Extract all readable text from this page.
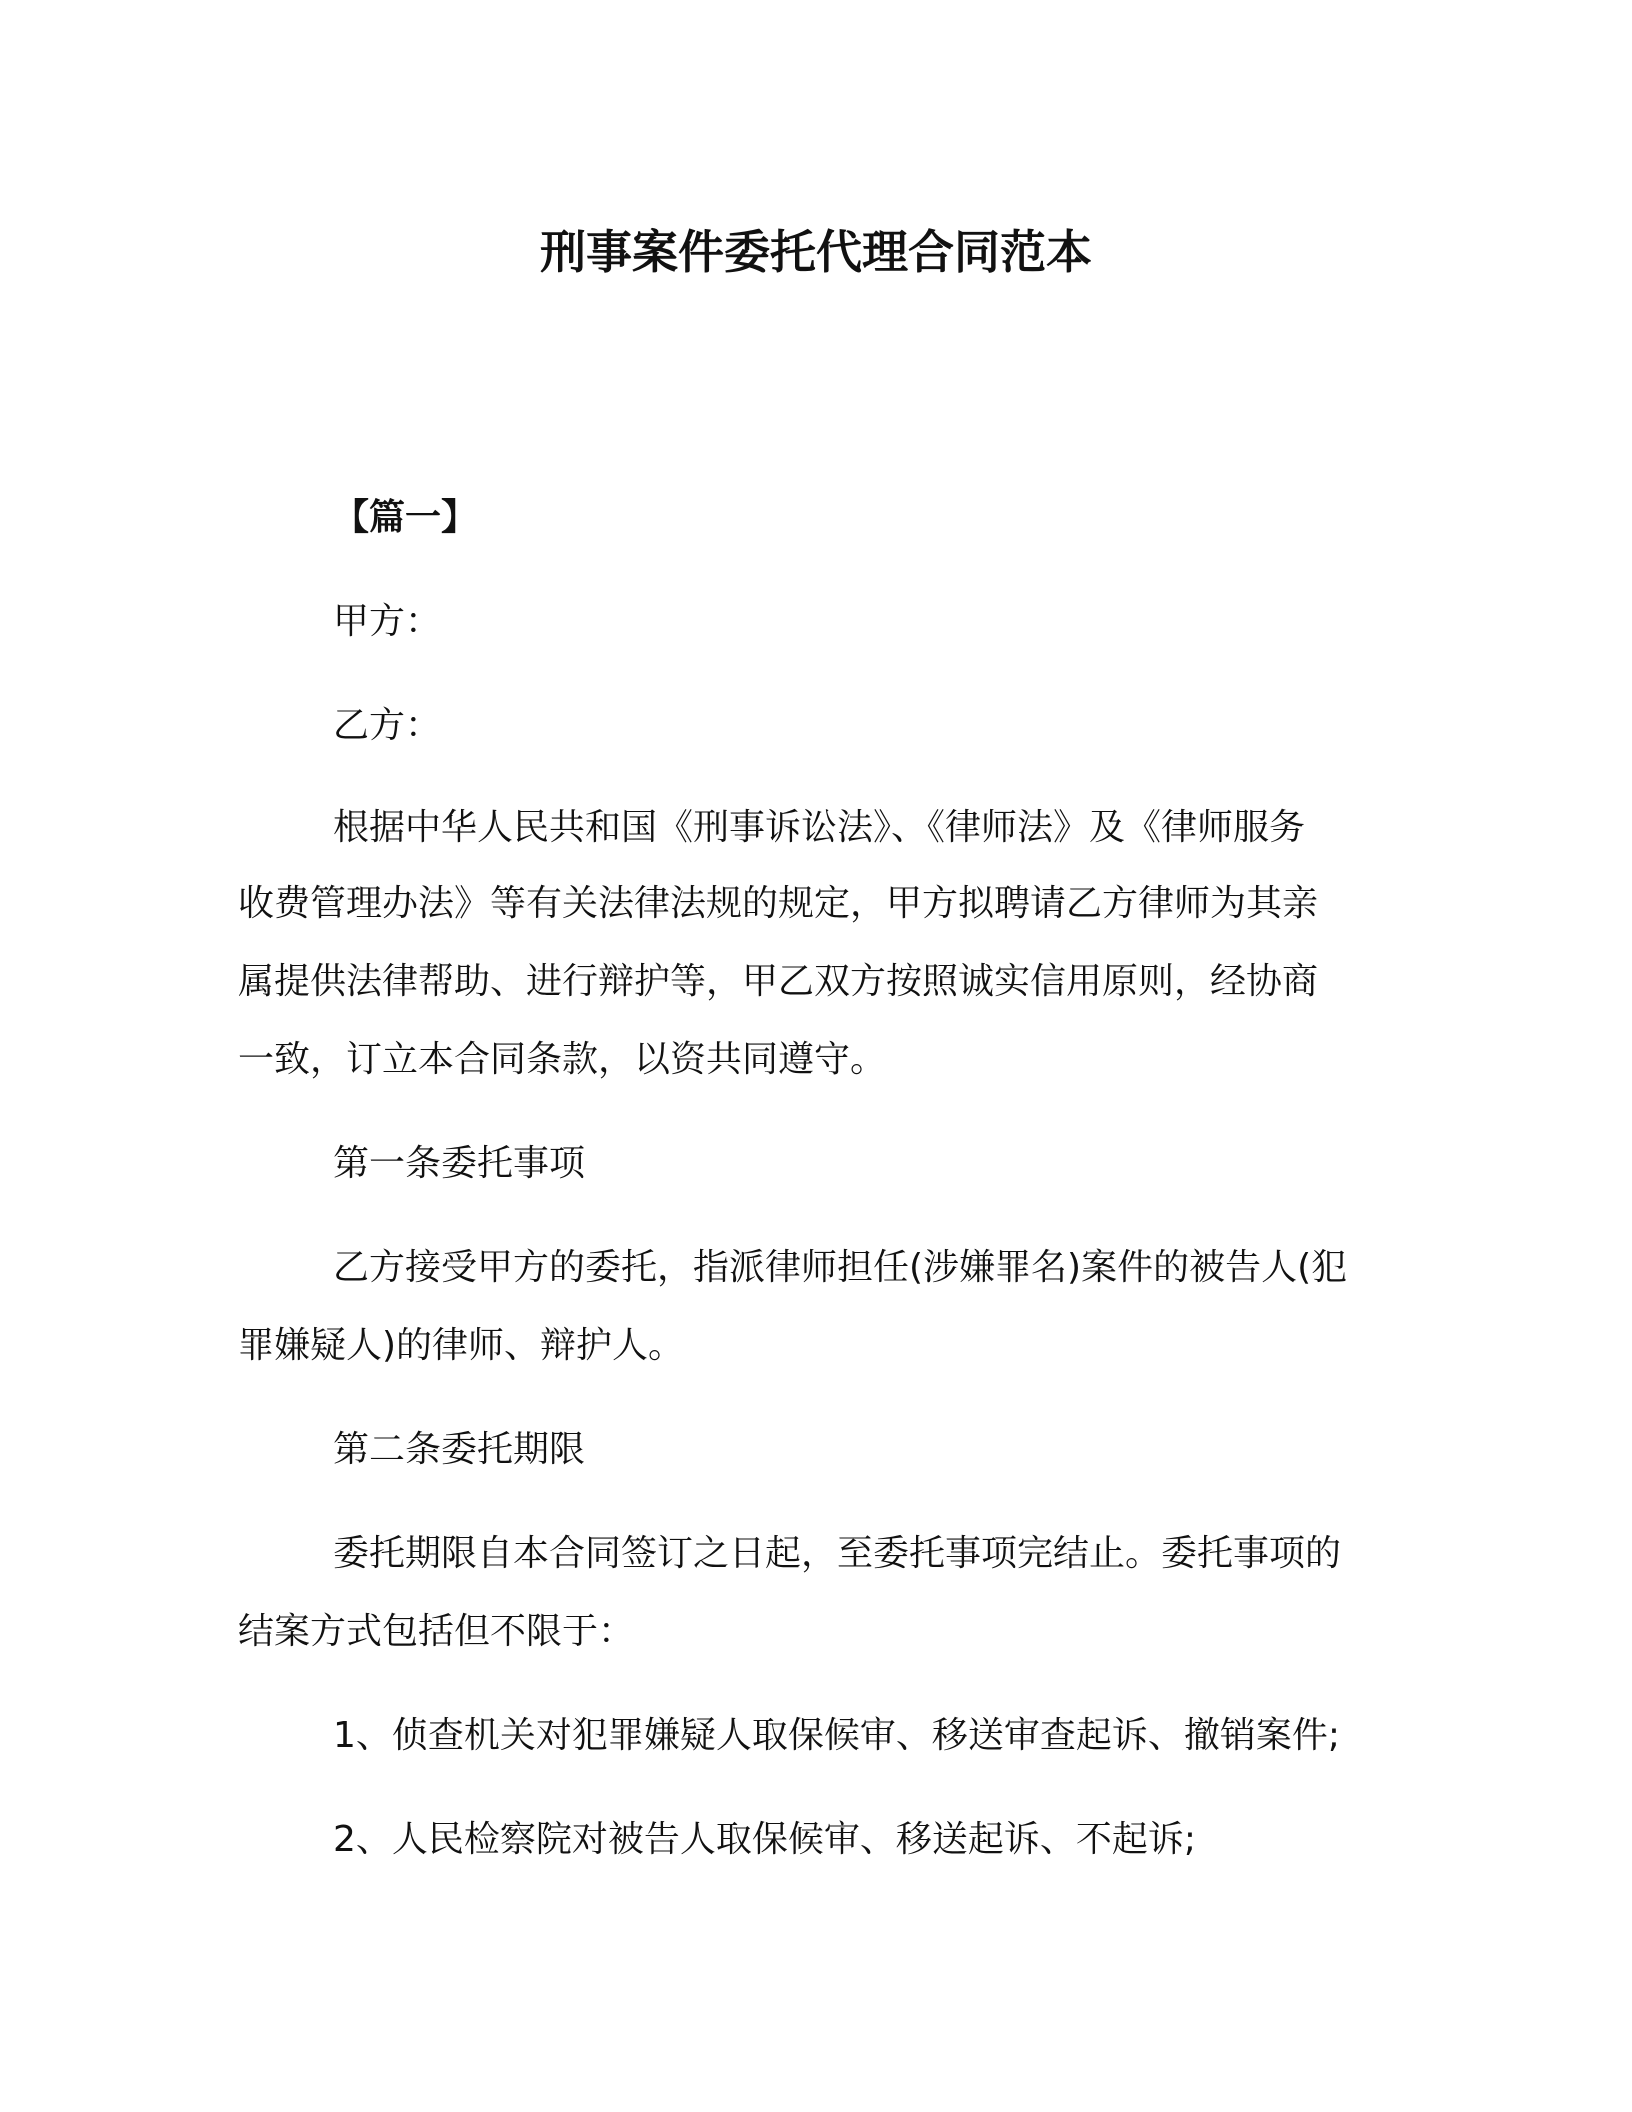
刑事案件委托代理合同范本
【篇一】
甲方：
乙方：
根据中华人民共和国《刑事诉讼法》、《律师法》及《律师服务
收费管理办法》等有关法律法规的规定，甲方拟聘请乙方律师为其亲
属提供法律帮助、进行辩护等，甲乙双方按照诚实信用原则，经协商
一致，订立本合同条款，以资共同遵守。
第一条委托事项
乙方接受甲方的委托，指派律师担任(涉嫌罪名)案件的被告人(犯
罪嫌疑人)的律师、辩护人。
第二条委托期限
委托期限自本合同签订之日起，至委托事项完结止。委托事项的
结案方式包括但不限于：
1、侦查机关对犯罪嫌疑人取保候审、移送审查起诉、撤销案件;
2、人民检察院对被告人取保候审、移送起诉、不起诉;
